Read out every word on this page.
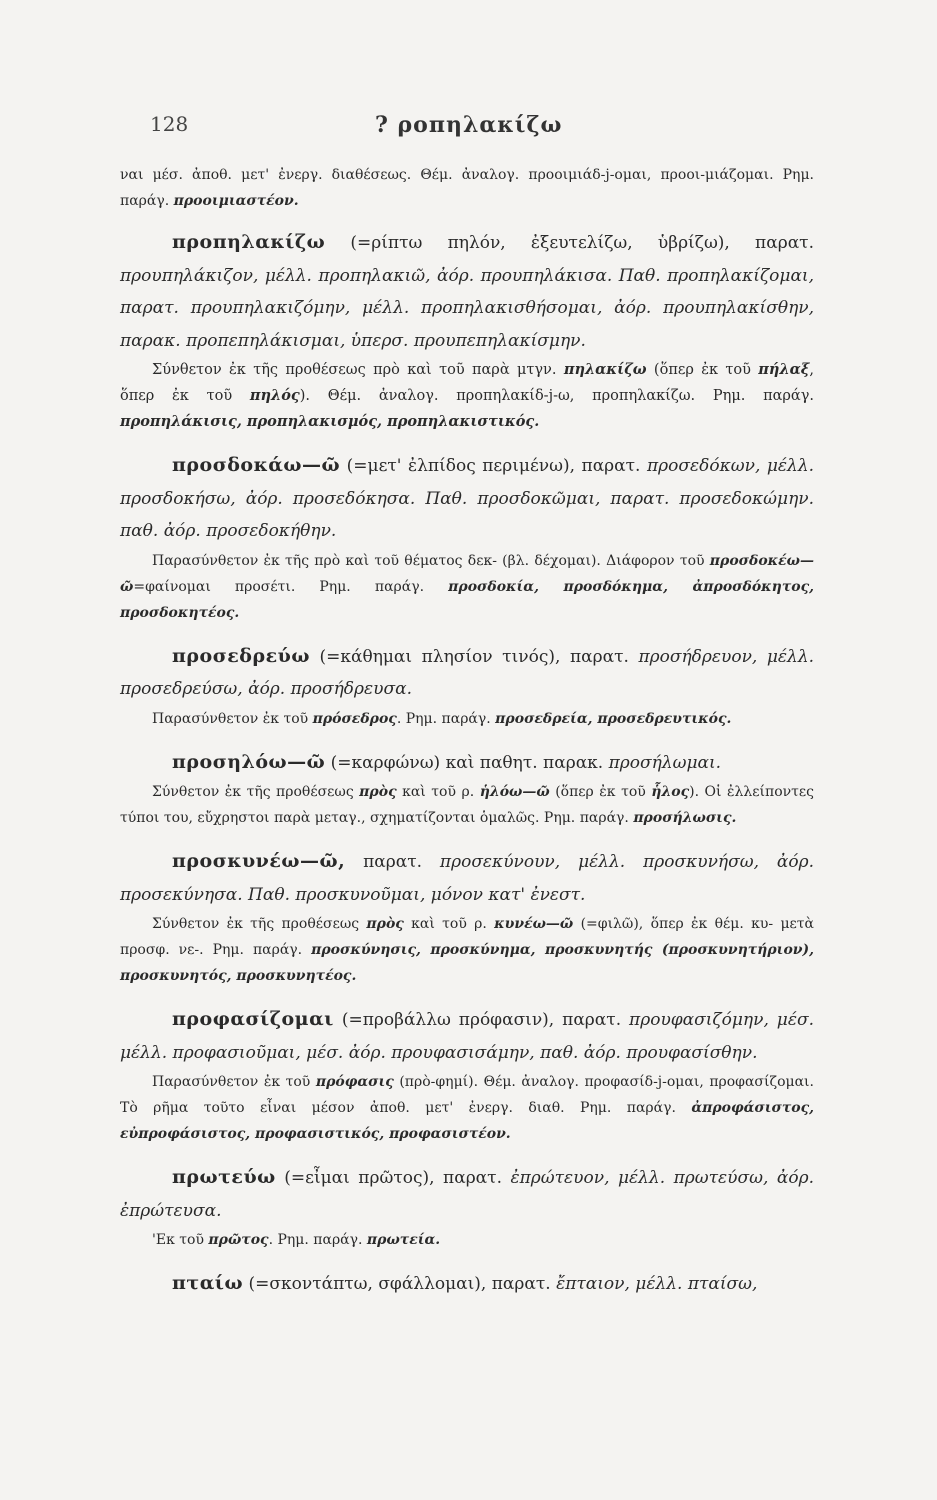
128	? ροπηλακίζω

ναι μέσ. ἀποθ. μετ' ἐνεργ. διαθέσεως. Θέμ. ἀναλογ. προοιμιάδ-j-ομαι, προοι-μιάζομαι. Ρημ. παράγ. προοιμιαστέον.

προπηλακίζω (=ρίπτω πηλόν, ἐξευτελίζω, ὑβρίζω), παρατ. προυπηλάκιζον, μέλλ. προπηλακιῶ, ἀόρ. προυπηλάκισα. Παθ. προπηλακίζομαι, παρατ. προυπηλακιζόμην, μέλλ. προπηλακισθήσομαι, ἀόρ. προυπηλακίσθην, παρακ. προπεπηλάκισμαι, ὑπερσ. προυπεπηλακίσμην.

Σύνθετον ἐκ τῆς προθέσεως πρὸ καὶ τοῦ παρὰ μτγν. πηλακίζω (ὅπερ ἐκ τοῦ πήλαξ, ὅπερ ἐκ τοῦ πηλός). Θέμ. ἀναλογ. προπηλακίδ-j-ω, προπηλακίζω. Ρημ. παράγ. προπηλάκισις, προπηλακισμός, προπηλακιστικός.

προσδοκάω—ῶ (=μετ' ἐλπίδος περιμένω), παρατ. προσεδόκων, μέλλ. προσδοκήσω, ἀόρ. προσεδόκησα. Παθ. προσδοκῶμαι, παρατ. προσεδοκώμην. παθ. ἀόρ. προσεδοκήθην.

Παρασύνθετον ἐκ τῆς πρὸ καὶ τοῦ θέματος δεκ- (βλ. δέχομαι). Διάφορον τοῦ προσδοκέω—ῶ=φαίνομαι προσέτι. Ρημ. παράγ. προσδοκία, προσδόκημα, ἀπροσδόκητος, προσδοκητέος.

προσεδρεύω (=κάθημαι πλησίον τινός), παρατ. προσήδρευον, μέλλ. προσεδρεύσω, ἀόρ. προσήδρευσα.

Παρασύνθετον ἐκ τοῦ πρόσεδρος. Ρημ. παράγ. προσεδρεία, προσεδρευτικός.

προσηλόω—ῶ (=καρφώνω) καὶ παθητ. παρακ. προσήλωμαι.

Σύνθετον ἐκ τῆς προθέσεως πρὸς καὶ τοῦ ρ. ἡλόω—ῶ (ὅπερ ἐκ τοῦ ἧλος). Οἱ ἐλλείποντες τύποι του, εὔχρηστοι παρὰ μεταγ., σχηματίζονται ὁμαλῶς. Ρημ. παράγ. προσήλωσις.

προσκυνέω—ῶ, παρατ. προσεκύνουν, μέλλ. προσκυνήσω, ἀόρ. προσεκύνησα. Παθ. προσκυνοῦμαι, μόνον κατ' ἐνεστ.

Σύνθετον ἐκ τῆς προθέσεως πρὸς καὶ τοῦ ρ. κυνέω—ῶ (=φιλῶ), ὅπερ ἐκ θέμ. κυ- μετὰ προσφ. νε-. Ρημ. παράγ. προσκύνησις, προσκύνημα, προσκυνητής (προσκυνητήριον), προσκυνητός, προσκυνητέος.

προφασίζομαι (=προβάλλω πρόφασιν), παρατ. προυφασιζόμην, μέσ. μέλλ. προφασιοῦμαι, μέσ. ἀόρ. προυφασισάμην, παθ. ἀόρ. προυφασίσθην.

Παρασύνθετον ἐκ τοῦ πρόφασις (πρὸ-φημί). Θέμ. ἀναλογ. προφασίδ-j-ομαι, προφασίζομαι. Τὸ ρῆμα τοῦτο εἶναι μέσον ἀποθ. μετ' ἐνεργ. διαθ. Ρημ. παράγ. ἀπροφάσιστος, εὐπροφάσιστος, προφασιστικός, προφασιστέον.

πρωτεύω (=εἶμαι πρῶτος), παρατ. ἐπρώτευον, μέλλ. πρωτεύσω, ἀόρ. ἐπρώτευσα.

'Εκ τοῦ πρῶτος. Ρημ. παράγ. πρωτεία.

πταίω (=σκοντάπτω, σφάλλομαι), παρατ. ἔπταιον, μέλλ. πταίσω,
